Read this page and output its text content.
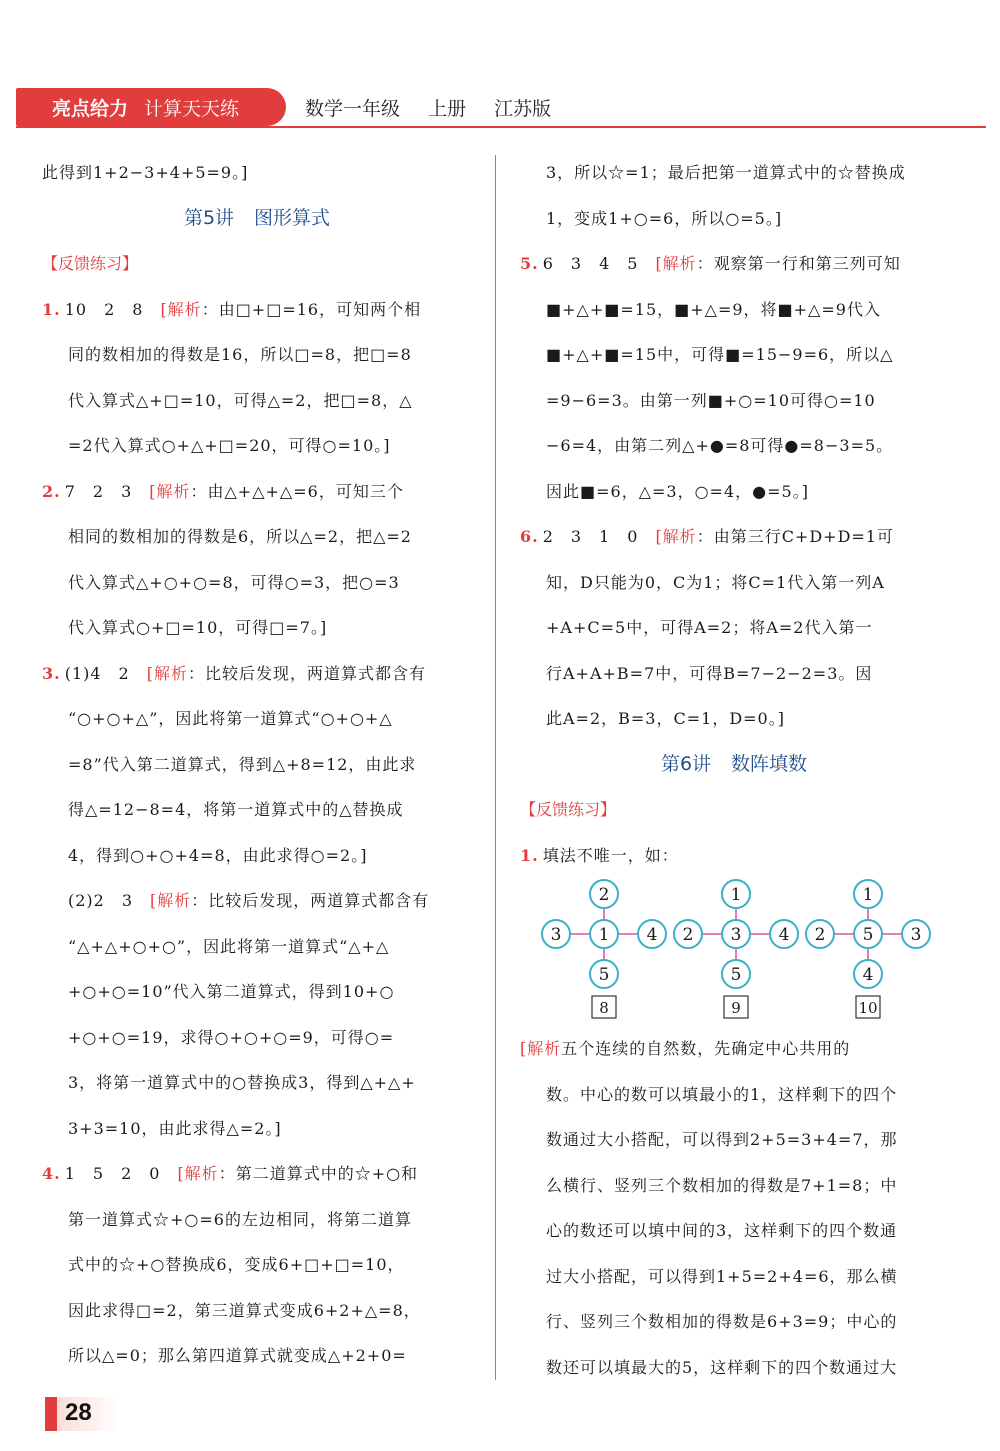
亮点给力 计算天天练	数学一年级 上册 江苏版
此得到1+2−3+4+5=9。]
第5讲 图形算式
【反馈练习】
1. 10　2　8　[解析：由□+□=16，可知两个相
同的数相加的得数是16，所以□=8，把□=8
代入算式△+□=10，可得△=2，把□=8，△
=2代入算式○+△+□=20，可得○=10。]
2. 7　2　3　[解析：由△+△+△=6，可知三个
相同的数相加的得数是6，所以△=2，把△=2
代入算式△+○+○=8，可得○=3，把○=3
代入算式○+□=10，可得□=7。]
3. (1)4　2　[解析：比较后发现，两道算式都含有
“○+○+△”，因此将第一道算式“○+○+△
=8”代入第二道算式，得到△+8=12，由此求
得△=12−8=4，将第一道算式中的△替换成
4，得到○+○+4=8，由此求得○=2。]
(2)2　3　[解析：比较后发现，两道算式都含有
“△+△+○+○”，因此将第一道算式“△+△
+○+○=10”代入第二道算式，得到10+○
+○+○=19，求得○+○+○=9，可得○=
3，将第一道算式中的○替换成3，得到△+△+
3+3=10，由此求得△=2。]
4. 1　5　2　0　[解析：第二道算式中的☆+○和
第一道算式☆+○=6的左边相同，将第二道算
式中的☆+○替换成6，变成6+□+□=10，
因此求得□=2，第三道算式变成6+2+△=8，
所以△=0；那么第四道算式就变成△+2+0=
3，所以☆=1；最后把第一道算式中的☆替换成
1，变成1+○=6，所以○=5。]
5. 6　3　4　5　[解析：观察第一行和第三列可知
■+△+■=15，■+△=9，将■+△=9代入
■+△+■=15中，可得■=15−9=6，所以△
=9−6=3。由第一列■+○=10可得○=10
−6=4，由第二列△+●=8可得●=8−3=5。
因此■=6，△=3，○=4，●=5。]
6. 2　3　1　0　[解析：由第三行C+D+D=1可
知，D只能为0，C为1；将C=1代入第一列A
+A+C=5中，可得A=2；将A=2代入第一
行A+A+B=7中，可得B=7−2−2=3。因
此A=2，B=3，C=1，D=0。]
第6讲 数阵填数
【反馈练习】
1. 填法不唯一，如：
3 1 4
2
5
8
2 3 4
1
5
9
2 5 3
1
4
10
[解析五个连续的自然数，先确定中心共用的
数。中心的数可以填最小的1，这样剩下的四个
数通过大小搭配，可以得到2+5=3+4=7，那
么横行、竖列三个数相加的得数是7+1=8；中
心的数还可以填中间的3，这样剩下的四个数通
过大小搭配，可以得到1+5=2+4=6，那么横
行、竖列三个数相加的得数是6+3=9；中心的
数还可以填最大的5，这样剩下的四个数通过大
28
